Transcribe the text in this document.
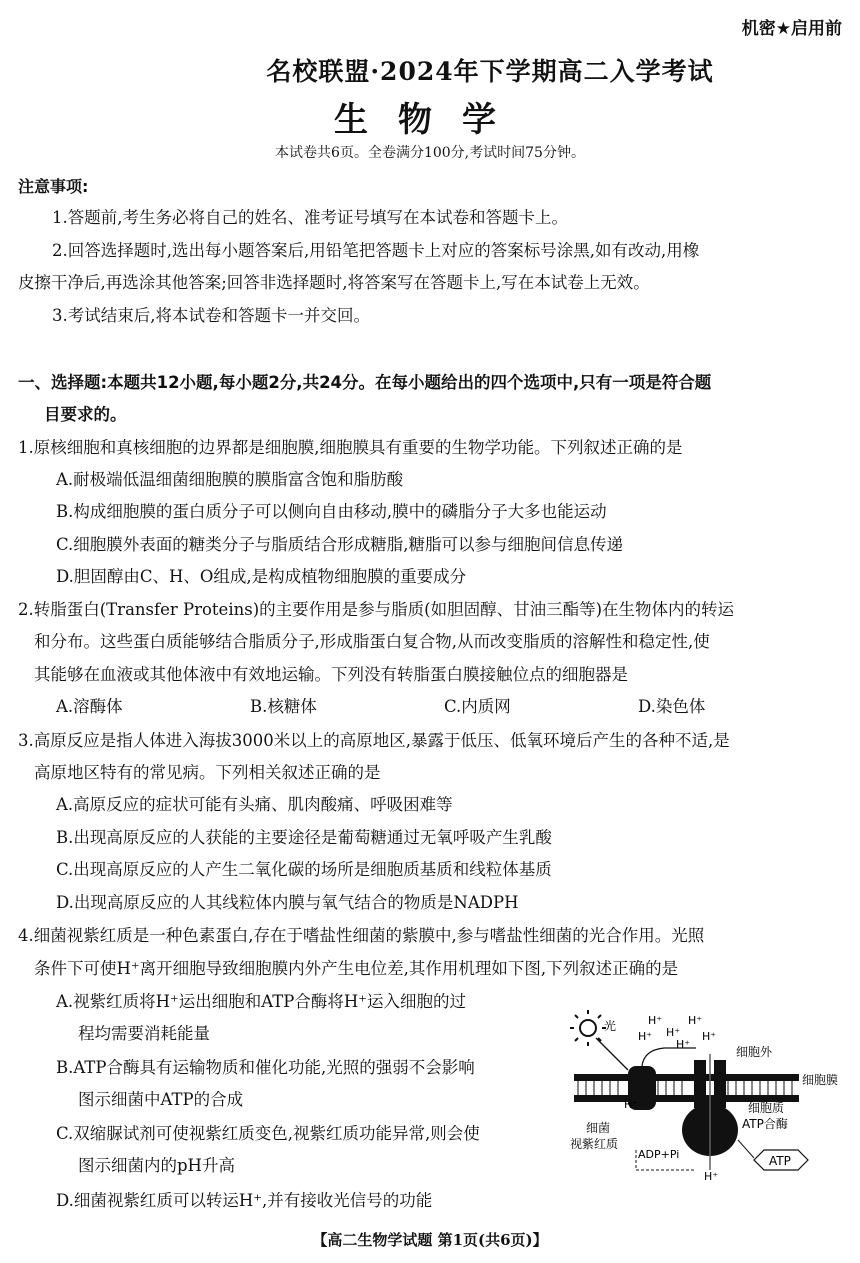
机密★启用前
名校联盟·2024年下学期高二入学考试
生物学
本试卷共6页。全卷满分100分,考试时间75分钟。
注意事项:
1.答题前,考生务必将自己的姓名、准考证号填写在本试卷和答题卡上。
2.回答选择题时,选出每小题答案后,用铅笔把答题卡上对应的答案标号涂黑,如有改动,用橡
皮擦干净后,再选涂其他答案;回答非选择题时,将答案写在答题卡上,写在本试卷上无效。
3.考试结束后,将本试卷和答题卡一并交回。
一、选择题:本题共12小题,每小题2分,共24分。在每小题给出的四个选项中,只有一项是符合题
目要求的。
1.原核细胞和真核细胞的边界都是细胞膜,细胞膜具有重要的生物学功能。下列叙述正确的是
A.耐极端低温细菌细胞膜的膜脂富含饱和脂肪酸
B.构成细胞膜的蛋白质分子可以侧向自由移动,膜中的磷脂分子大多也能运动
C.细胞膜外表面的糖类分子与脂质结合形成糖脂,糖脂可以参与细胞间信息传递
D.胆固醇由C、H、O组成,是构成植物细胞膜的重要成分
2.转脂蛋白(Transfer Proteins)的主要作用是参与脂质(如胆固醇、甘油三酯等)在生物体内的转运
和分布。这些蛋白质能够结合脂质分子,形成脂蛋白复合物,从而改变脂质的溶解性和稳定性,使
其能够在血液或其他体液中有效地运输。下列没有转脂蛋白膜接触位点的细胞器是
A.溶酶体	B.核糖体	C.内质网	D.染色体
3.高原反应是指人体进入海拔3000米以上的高原地区,暴露于低压、低氧环境后产生的各种不适,是
高原地区特有的常见病。下列相关叙述正确的是
A.高原反应的症状可能有头痛、肌肉酸痛、呼吸困难等
B.出现高原反应的人获能的主要途径是葡萄糖通过无氧呼吸产生乳酸
C.出现高原反应的人产生二氧化碳的场所是细胞质基质和线粒体基质
D.出现高原反应的人其线粒体内膜与氧气结合的物质是NADPH
4.细菌视紫红质是一种色素蛋白,存在于嗜盐性细菌的紫膜中,参与嗜盐性细菌的光合作用。光照
条件下可使H⁺离开细胞导致细胞膜内外产生电位差,其作用机理如下图,下列叙述正确的是
A.视紫红质将H⁺运出细胞和ATP合酶将H⁺运入细胞的过
程均需要消耗能量
B.ATP合酶具有运输物质和催化功能,光照的强弱不会影响
图示细菌中ATP的合成
C.双缩脲试剂可使视紫红质变色,视紫红质功能异常,则会使
图示细菌内的pH升高
D.细菌视紫红质可以转运H⁺,并有接收光信号的功能
光	H⁺ H⁺
H⁺ H⁺ H⁺
H⁺
H⁺
H⁺
细胞外
细胞膜
细菌
视紫红质
细胞质
ATP合酶
ADP+Pi	ATP
【高二生物学试题 第1页(共6页)】
